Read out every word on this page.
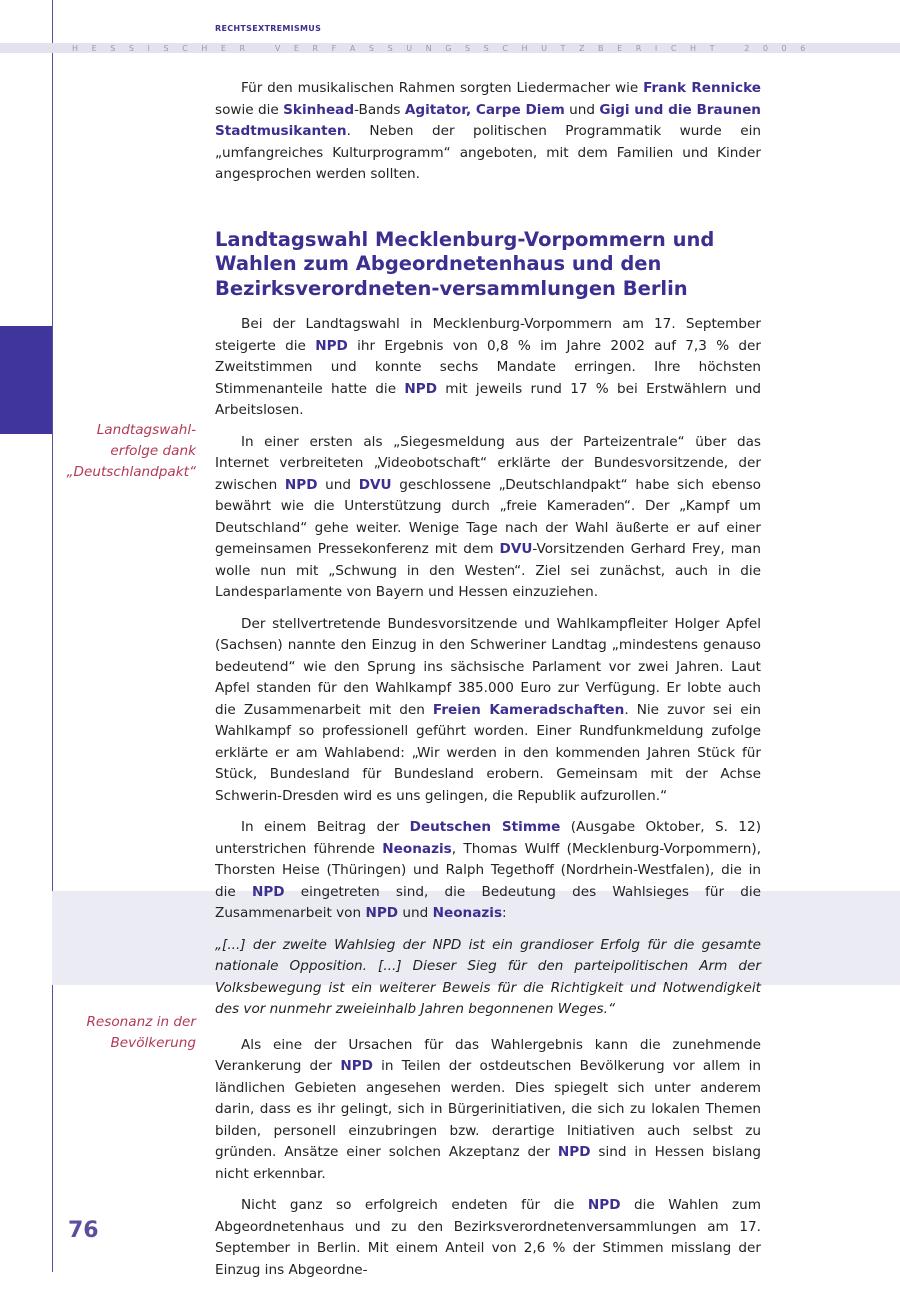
RECHTSEXTREMISMUS
H E S S I S C H E R
	V E R F A S S U N G S S C H U T Z B E R I C H T
	2 0 0 6

Landtagswahl-
erfolge dank
„Deutschlandpakt“
Resonanz in der
Bevölkerung

Für den musikalischen Rahmen sorgten Liedermacher wie Frank Rennicke sowie die Skinhead-Bands Agitator, Carpe Diem und Gigi und die Braunen Stadtmusikanten. Neben der politischen Programmatik wurde ein „umfangreiches Kulturprogramm“ angeboten, mit dem Familien und Kinder angesprochen werden sollten.

Landtagswahl Mecklenburg-Vorpommern und Wahlen zum Abgeordnetenhaus und den Bezirksverordneten-versammlungen Berlin

Bei der Landtagswahl in Mecklenburg-Vorpommern am 17. September steigerte die NPD ihr Ergebnis von 0,8 % im Jahre 2002 auf 7,3 % der Zweitstimmen und konnte sechs Mandate erringen. Ihre höchsten Stimmenanteile hatte die NPD mit jeweils rund 17 % bei Erstwählern und Arbeitslosen.

In einer ersten als „Siegesmeldung aus der Parteizentrale“ über das Internet verbreiteten „Videobotschaft“ erklärte der Bundesvorsitzende, der zwischen NPD und DVU geschlossene „Deutschlandpakt“ habe sich ebenso bewährt wie die Unterstützung durch „freie Kameraden“. Der „Kampf um Deutschland“ gehe weiter. Wenige Tage nach der Wahl äußerte er auf einer gemeinsamen Pressekonferenz mit dem DVU-Vorsitzenden Gerhard Frey, man wolle nun mit „Schwung in den Westen“. Ziel sei zunächst, auch in die Landesparlamente von Bayern und Hessen einzuziehen.

Der stellvertretende Bundesvorsitzende und Wahlkampfleiter Holger Apfel (Sachsen) nannte den Einzug in den Schweriner Landtag „mindestens genauso bedeutend“ wie den Sprung ins sächsische Parlament vor zwei Jahren. Laut Apfel standen für den Wahlkampf 385.000 Euro zur Verfügung. Er lobte auch die Zusammenarbeit mit den Freien Kameradschaften. Nie zuvor sei ein Wahlkampf so professionell geführt worden. Einer Rundfunkmeldung zufolge erklärte er am Wahlabend: „Wir werden in den kommenden Jahren Stück für Stück, Bundesland für Bundesland erobern. Gemeinsam mit der Achse Schwerin-Dresden wird es uns gelingen, die Republik aufzurollen.“

In einem Beitrag der Deutschen Stimme (Ausgabe Oktober, S. 12) unterstrichen führende Neonazis, Thomas Wulff (Mecklenburg-Vorpommern), Thorsten Heise (Thüringen) und Ralph Tegethoff (Nordrhein-Westfalen), die in die NPD eingetreten sind, die Bedeutung des Wahlsieges für die Zusammenarbeit von NPD und Neonazis:

„[...] der zweite Wahlsieg der NPD ist ein grandioser Erfolg für die gesamte nationale Opposition. [...] Dieser Sieg für den parteipolitischen Arm der Volksbewegung ist ein weiterer Beweis für die Richtigkeit und Notwendigkeit des vor nunmehr zweieinhalb Jahren begonnenen Weges.“

Als eine der Ursachen für das Wahlergebnis kann die zunehmende Verankerung der NPD in Teilen der ostdeutschen Bevölkerung vor allem in ländlichen Gebieten angesehen werden. Dies spiegelt sich unter anderem darin, dass es ihr gelingt, sich in Bürgerinitiativen, die sich zu lokalen Themen bilden, personell einzubringen bzw. derartige Initiativen auch selbst zu gründen. Ansätze einer solchen Akzeptanz der NPD sind in Hessen bislang nicht erkennbar.

Nicht ganz so erfolgreich endeten für die NPD die Wahlen zum Abgeordnetenhaus und zu den Bezirksverordnetenversammlungen am 17. September in Berlin. Mit einem Anteil von 2,6 % der Stimmen misslang der Einzug ins Abgeordne-

76
